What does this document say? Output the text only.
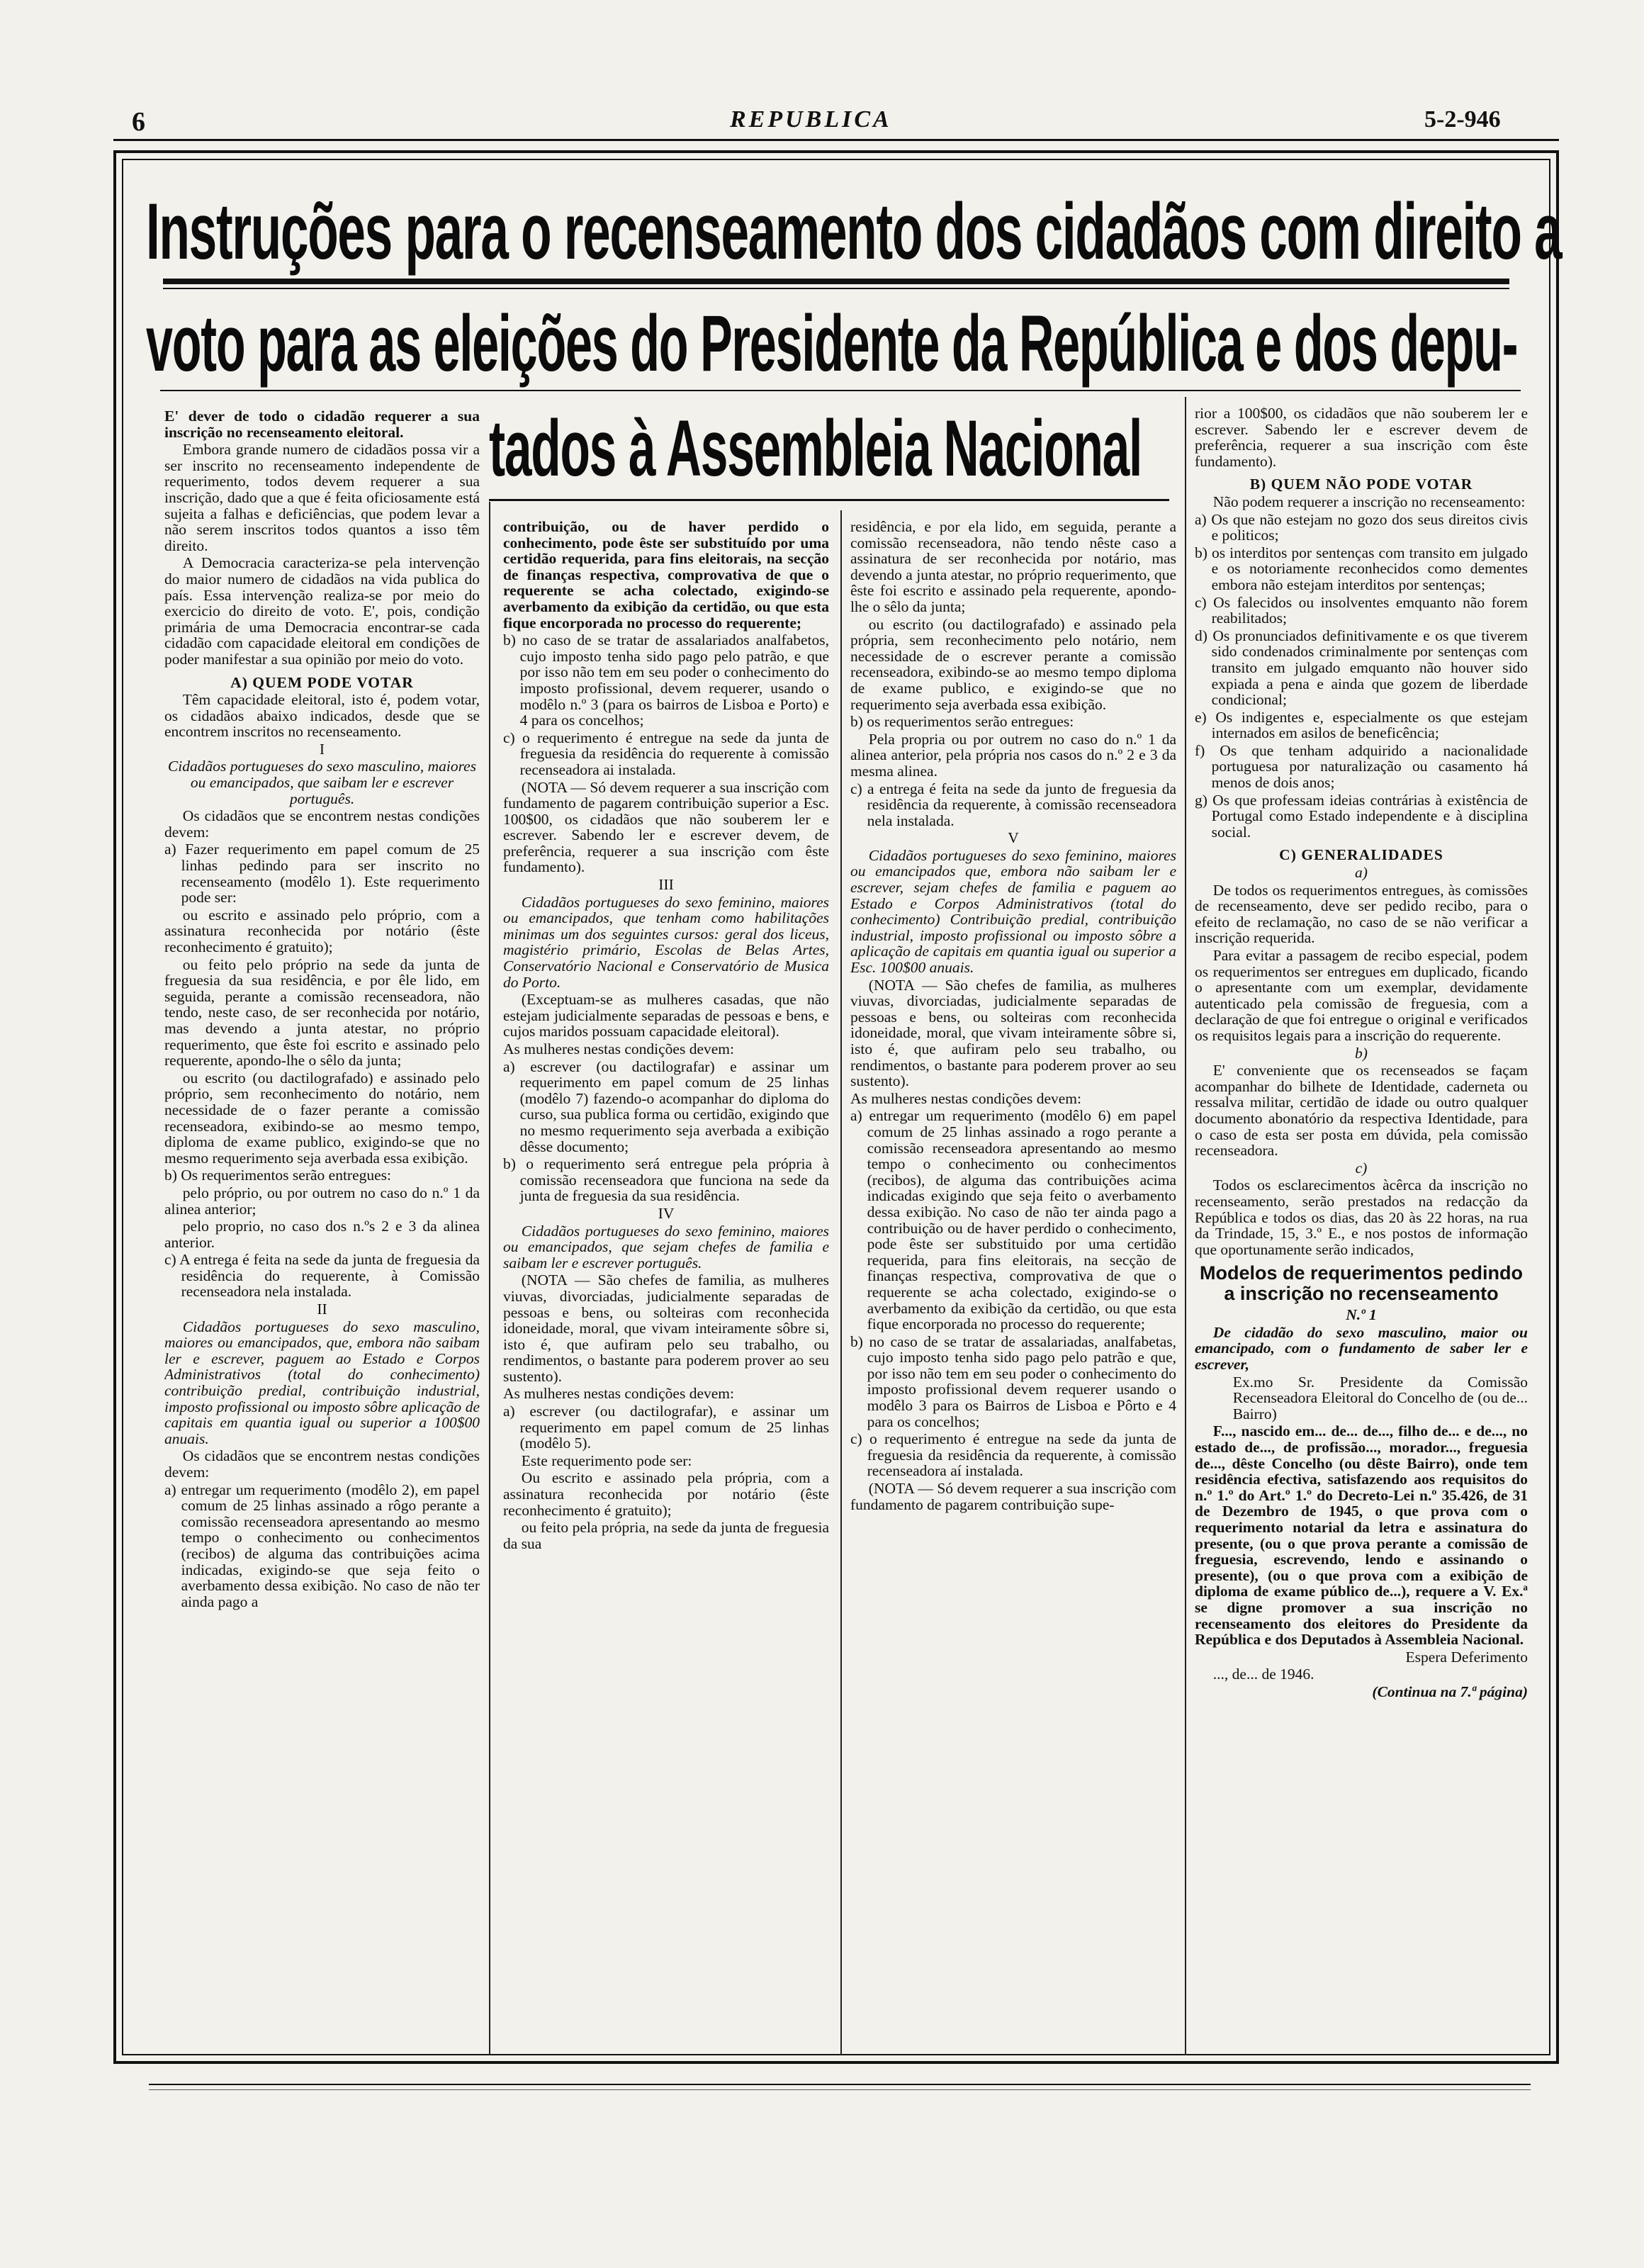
6	REPUBLICA	5-2-946
Instruções para o recenseamento dos cidadãos com direito a
voto para as eleições do Presidente da República e dos depu-
tados à Assembleia Nacional

E' dever de todo o cidadão requerer a sua inscrição no recenseamento eleitoral.

Embora grande numero de cidadãos possa vir a ser inscrito no recenseamento independente de requerimento, todos devem requerer a sua inscrição, dado que a que é feita oficiosamente está sujeita a falhas e deficiências, que podem levar a não serem inscritos todos quantos a isso têm direito.

A Democracia caracteriza-se pela intervenção do maior numero de cidadãos na vida publica do país. Essa intervenção realiza-se por meio do exercicio do direito de voto. E', pois, condição primária de uma Democracia encontrar-se cada cidadão com capacidade eleitoral em condições de poder manifestar a sua opinião por meio do voto.

A) QUEM PODE VOTAR

Têm capacidade eleitoral, isto é, podem votar, os cidadãos abaixo indicados, desde que se encontrem inscritos no recenseamento.

I

Cidadãos portugueses do sexo masculino, maiores ou emancipados, que saibam ler e escrever português.

Os cidadãos que se encontrem nestas condições devem:

a) Fazer requerimento em papel comum de 25 linhas pedindo para ser inscrito no recenseamento (modêlo 1). Este requerimento pode ser:

ou escrito e assinado pelo próprio, com a assinatura reconhecida por notário (êste reconhecimento é gratuito);

ou feito pelo próprio na sede da junta de freguesia da sua residência, e por êle lido, em seguida, perante a comissão recenseadora, não tendo, neste caso, de ser reconhecida por notário, mas devendo a junta atestar, no próprio requerimento, que êste foi escrito e assinado pelo requerente, apondo-lhe o sêlo da junta;

ou escrito (ou dactilografado) e assinado pelo próprio, sem reconhecimento do notário, nem necessidade de o fazer perante a comissão recenseadora, exibindo-se ao mesmo tempo, diploma de exame publico, exigindo-se que no mesmo requerimento seja averbada essa exibição.

b) Os requerimentos serão entregues:

pelo próprio, ou por outrem no caso do n.º 1 da alinea anterior;

pelo proprio, no caso dos n.ºs 2 e 3 da alinea anterior.

c) A entrega é feita na sede da junta de freguesia da residência do requerente, à Comissão recenseadora nela instalada.

II

Cidadãos portugueses do sexo masculino, maiores ou emancipados, que, embora não saibam ler e escrever, paguem ao Estado e Corpos Administrativos (total do conhecimento) contribuição predial, contribuição industrial, imposto profissional ou imposto sôbre aplicação de capitais em quantia igual ou superior a 100$00 anuais.

Os cidadãos que se encontrem nestas condições devem:

a) entregar um requerimento (modêlo 2), em papel comum de 25 linhas assinado a rôgo perante a comissão recenseadora apresentando ao mesmo tempo o conhecimento ou conhecimentos (recibos) de alguma das contribuições acima indicadas, exigindo-se que seja feito o averbamento dessa exibição. No caso de não ter ainda pago a

contribuição, ou de haver perdido o conhecimento, pode êste ser substituído por uma certidão requerida, para fins eleitorais, na secção de finanças respectiva, comprovativa de que o requerente se acha colectado, exigindo-se averbamento da exibição da certidão, ou que esta fique encorporada no processo do requerente;

b) no caso de se tratar de assalariados analfabetos, cujo imposto tenha sido pago pelo patrão, e que por isso não tem em seu poder o conhecimento do imposto profissional, devem requerer, usando o modêlo n.º 3 (para os bairros de Lisboa e Porto) e 4 para os concelhos;

c) o requerimento é entregue na sede da junta de freguesia da residência do requerente à comissão recenseadora ai instalada.

(NOTA — Só devem requerer a sua inscrição com fundamento de pagarem contribuição superior a Esc. 100$00, os cidadãos que não souberem ler e escrever. Sabendo ler e escrever devem, de preferência, requerer a sua inscrição com êste fundamento).

III

Cidadãos portugueses do sexo feminino, maiores ou emancipados, que tenham como habilitações minimas um dos seguintes cursos: geral dos liceus, magistério primário, Escolas de Belas Artes, Conservatório Nacional e Conservatório de Musica do Porto.

(Exceptuam-se as mulheres casadas, que não estejam judicialmente separadas de pessoas e bens, e cujos maridos possuam capacidade eleitoral).

As mulheres nestas condições devem:

a) escrever (ou dactilografar) e assinar um requerimento em papel comum de 25 linhas (modêlo 7) fazendo-o acompanhar do diploma do curso, sua publica forma ou certidão, exigindo que no mesmo requerimento seja averbada a exibição dêsse documento;

b) o requerimento será entregue pela própria à comissão recenseadora que funciona na sede da junta de freguesia da sua residência.

IV

Cidadãos portugueses do sexo feminino, maiores ou emancipados, que sejam chefes de familia e saibam ler e escrever português.

(NOTA — São chefes de familia, as mulheres viuvas, divorciadas, judicialmente separadas de pessoas e bens, ou solteiras com reconhecida idoneidade, moral, que vivam inteiramente sôbre si, isto é, que aufiram pelo seu trabalho, ou rendimentos, o bastante para poderem prover ao seu sustento).

As mulheres nestas condições devem:

a) escrever (ou dactilografar), e assinar um requerimento em papel comum de 25 linhas (modêlo 5).

Este requerimento pode ser:

Ou escrito e assinado pela própria, com a assinatura reconhecida por notário (êste reconhecimento é gratuito);

ou feito pela própria, na sede da junta de freguesia da sua

residência, e por ela lido, em seguida, perante a comissão recenseadora, não tendo nêste caso a assinatura de ser reconhecida por notário, mas devendo a junta atestar, no próprio requerimento, que êste foi escrito e assinado pela requerente, apondo-lhe o sêlo da junta;

ou escrito (ou dactilografado) e assinado pela própria, sem reconhecimento pelo notário, nem necessidade de o escrever perante a comissão recenseadora, exibindo-se ao mesmo tempo diploma de exame publico, e exigindo-se que no requerimento seja averbada essa exibição.

b) os requerimentos serão entregues:

Pela propria ou por outrem no caso do n.º 1 da alinea anterior, pela própria nos casos do n.º 2 e 3 da mesma alinea.

c) a entrega é feita na sede da junto de freguesia da residência da requerente, à comissão recenseadora nela instalada.

V

Cidadãos portugueses do sexo feminino, maiores ou emancipados que, embora não saibam ler e escrever, sejam chefes de familia e paguem ao Estado e Corpos Administrativos (total do conhecimento) Contribuição predial, contribuição industrial, imposto profissional ou imposto sôbre a aplicação de capitais em quantia igual ou superior a Esc. 100$00 anuais.

(NOTA — São chefes de familia, as mulheres viuvas, divorciadas, judicialmente separadas de pessoas e bens, ou solteiras com reconhecida idoneidade, moral, que vivam inteiramente sôbre si, isto é, que aufiram pelo seu trabalho, ou rendimentos, o bastante para poderem prover ao seu sustento).

As mulheres nestas condições devem:

a) entregar um requerimento (modêlo 6) em papel comum de 25 linhas assinado a rogo perante a comissão recenseadora apresentando ao mesmo tempo o conhecimento ou conhecimentos (recibos), de alguma das contribuições acima indicadas exigindo que seja feito o averbamento dessa exibição. No caso de não ter ainda pago a contribuição ou de haver perdido o conhecimento, pode êste ser substituido por uma certidão requerida, para fins eleitorais, na secção de finanças respectiva, comprovativa de que o requerente se acha colectado, exigindo-se o averbamento da exibição da certidão, ou que esta fique encorporada no processo do requerente;

b) no caso de se tratar de assalariadas, analfabetas, cujo imposto tenha sido pago pelo patrão e que, por isso não tem em seu poder o conhecimento do imposto profissional devem requerer usando o modêlo 3 para os Bairros de Lisboa e Pôrto e 4 para os concelhos;

c) o requerimento é entregue na sede da junta de freguesia da residência da requerente, à comissão recenseadora aí instalada.

(NOTA — Só devem requerer a sua inscrição com fundamento de pagarem contribuição supe-

rior a 100$00, os cidadãos que não souberem ler e escrever. Sabendo ler e escrever devem de preferência, requerer a sua inscrição com êste fundamento).

B) QUEM NÃO PODE VOTAR

Não podem requerer a inscrição no recenseamento:

a) Os que não estejam no gozo dos seus direitos civis e politicos;

b) os interditos por sentenças com transito em julgado e os notoriamente reconhecidos como dementes embora não estejam interditos por sentenças;

c) Os falecidos ou insolventes emquanto não forem reabilitados;

d) Os pronunciados definitivamente e os que tiverem sido condenados criminalmente por sentenças com transito em julgado emquanto não houver sido expiada a pena e ainda que gozem de liberdade condicional;

e) Os indigentes e, especialmente os que estejam internados em asilos de beneficência;

f) Os que tenham adquirido a nacionalidade portuguesa por naturalização ou casamento há menos de dois anos;

g) Os que professam ideias contrárias à existência de Portugal como Estado independente e à disciplina social.

C) GENERALIDADES

a)

De todos os requerimentos entregues, às comissões de recenseamento, deve ser pedido recibo, para o efeito de reclamação, no caso de se não verificar a inscrição requerida.

Para evitar a passagem de recibo especial, podem os requerimentos ser entregues em duplicado, ficando o apresentante com um exemplar, devidamente autenticado pela comissão de freguesia, com a declaração de que foi entregue o original e verificados os requisitos legais para a inscrição do requerente.

b)

E' conveniente que os recenseados se façam acompanhar do bilhete de Identidade, caderneta ou ressalva militar, certidão de idade ou outro qualquer documento abonatório da respectiva Identidade, para o caso de esta ser posta em dúvida, pela comissão recenseadora.

c)

Todos os esclarecimentos àcêrca da inscrição no recenseamento, serão prestados na redacção da República e todos os dias, das 20 às 22 horas, na rua da Trindade, 15, 3.º E., e nos postos de informação que oportunamente serão indicados,

Modelos de requerimentos pedindo a inscrição no recenseamento

N.º 1

De cidadão do sexo masculino, maior ou emancipado, com o fundamento de saber ler e escrever,

Ex.mo Sr. Presidente da Comissão Recenseadora Eleitoral do Concelho de (ou de... Bairro)

F..., nascido em... de... de..., filho de... e de..., no estado de..., de profissão..., morador..., freguesia de..., dêste Concelho (ou dêste Bairro), onde tem residência efectiva, satisfazendo aos requisitos do n.º 1.º do Art.º 1.º do Decreto-Lei n.º 35.426, de 31 de Dezembro de 1945, o que prova com o requerimento notarial da letra e assinatura do presente, (ou o que prova perante a comissão de freguesia, escrevendo, lendo e assinando o presente), (ou o que prova com a exibição de diploma de exame público de...), requere a V. Ex.ª se digne promover a sua inscrição no recenseamento dos eleitores do Presidente da República e dos Deputados à Assembleia Nacional.

Espera Deferimento

..., de... de 1946.

(Continua na 7.ª página)
